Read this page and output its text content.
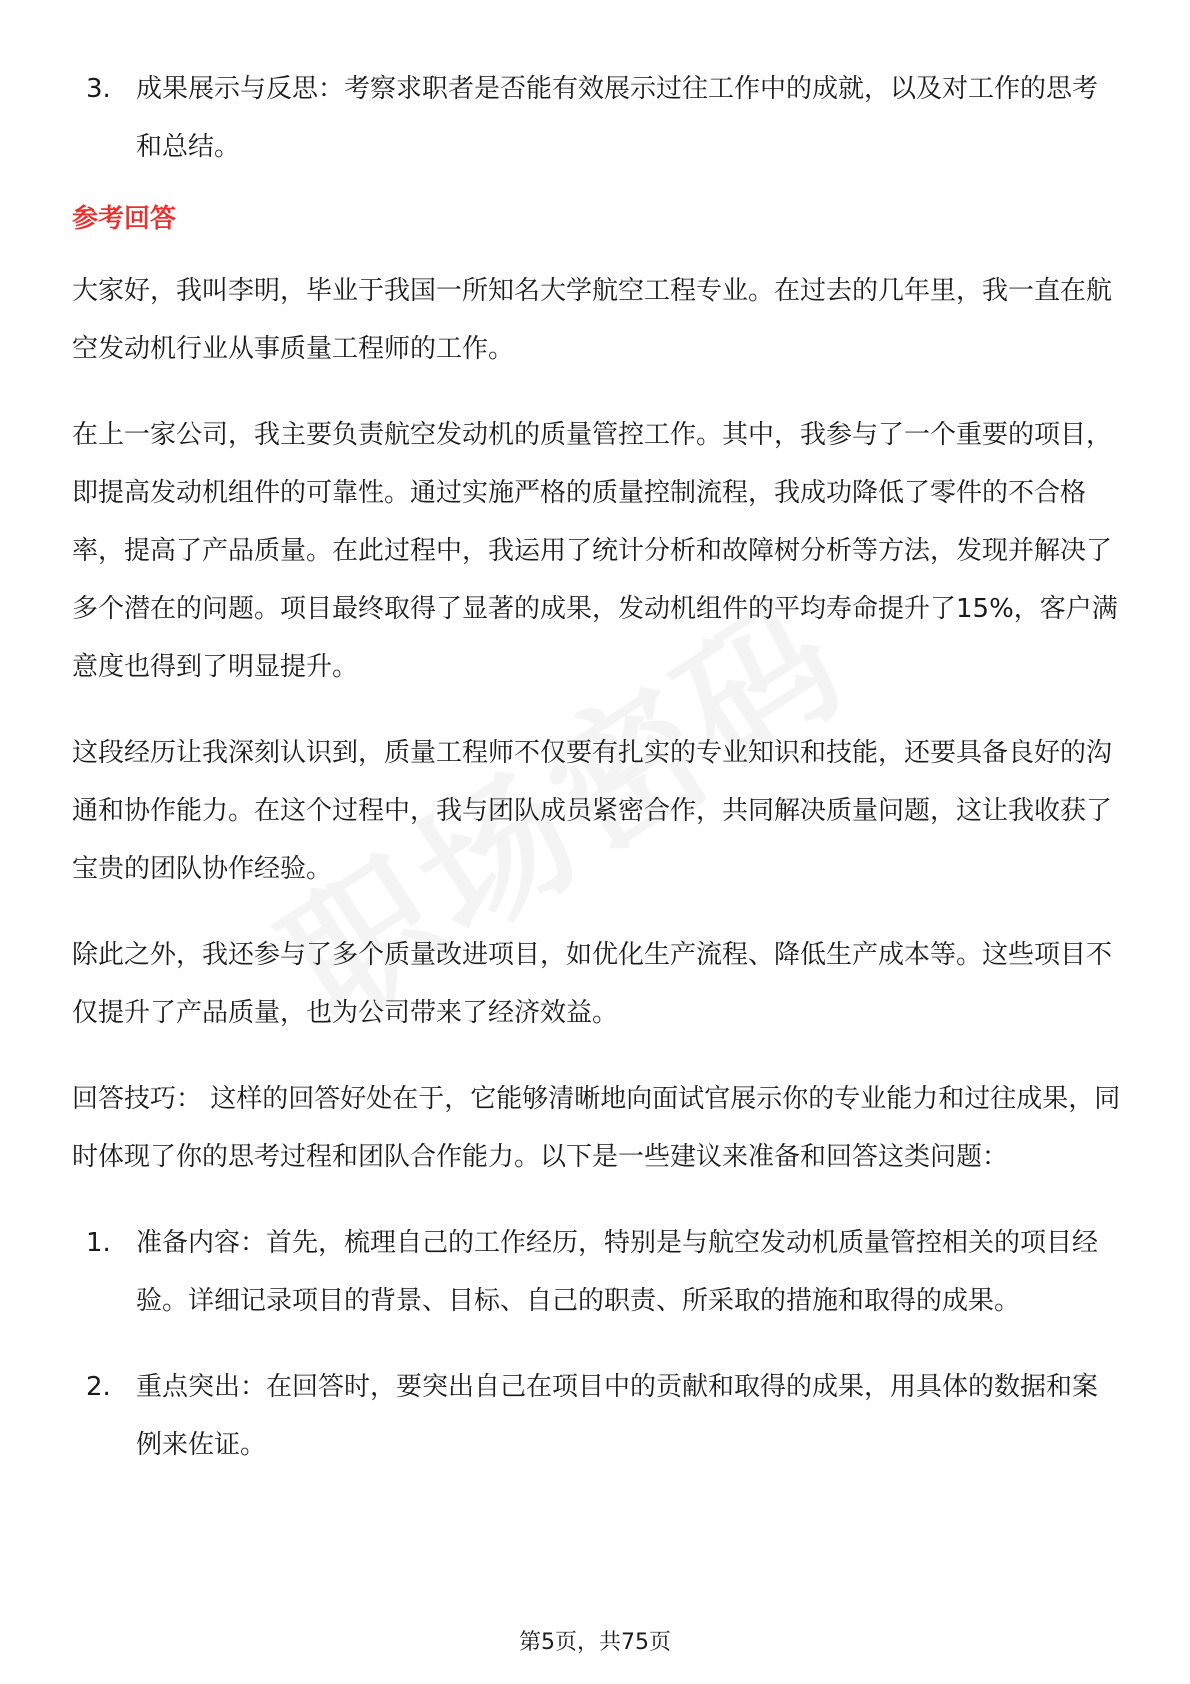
3. 成果展示与反思：考察求职者是否能有效展示过往工作中的成就，以及对工作的思考和总结。
参考回答

大家好，我叫李明，毕业于我国一所知名大学航空工程专业。在过去的几年里，我一直在航空发动机行业从事质量工程师的工作。

在上一家公司，我主要负责航空发动机的质量管控工作。其中，我参与了一个重要的项目，即提高发动机组件的可靠性。通过实施严格的质量控制流程，我成功降低了零件的不合格率，提高了产品质量。在此过程中，我运用了统计分析和故障树分析等方法，发现并解决了多个潜在的问题。项目最终取得了显著的成果，发动机组件的平均寿命提升了15%，客户满意度也得到了明显提升。

这段经历让我深刻认识到，质量工程师不仅要有扎实的专业知识和技能，还要具备良好的沟通和协作能力。在这个过程中，我与团队成员紧密合作，共同解决质量问题，这让我收获了宝贵的团队协作经验。

除此之外，我还参与了多个质量改进项目，如优化生产流程、降低生产成本等。这些项目不仅提升了产品质量，也为公司带来了经济效益。

回答技巧： 这样的回答好处在于，它能够清晰地向面试官展示你的专业能力和过往成果，同时体现了你的思考过程和团队合作能力。以下是一些建议来准备和回答这类问题：

1. 准备内容：首先，梳理自己的工作经历，特别是与航空发动机质量管控相关的项目经验。详细记录项目的背景、目标、自己的职责、所采取的措施和取得的成果。
2. 重点突出：在回答时，要突出自己在项目中的贡献和取得的成果，用具体的数据和案例来佐证。
第5页，共75页
